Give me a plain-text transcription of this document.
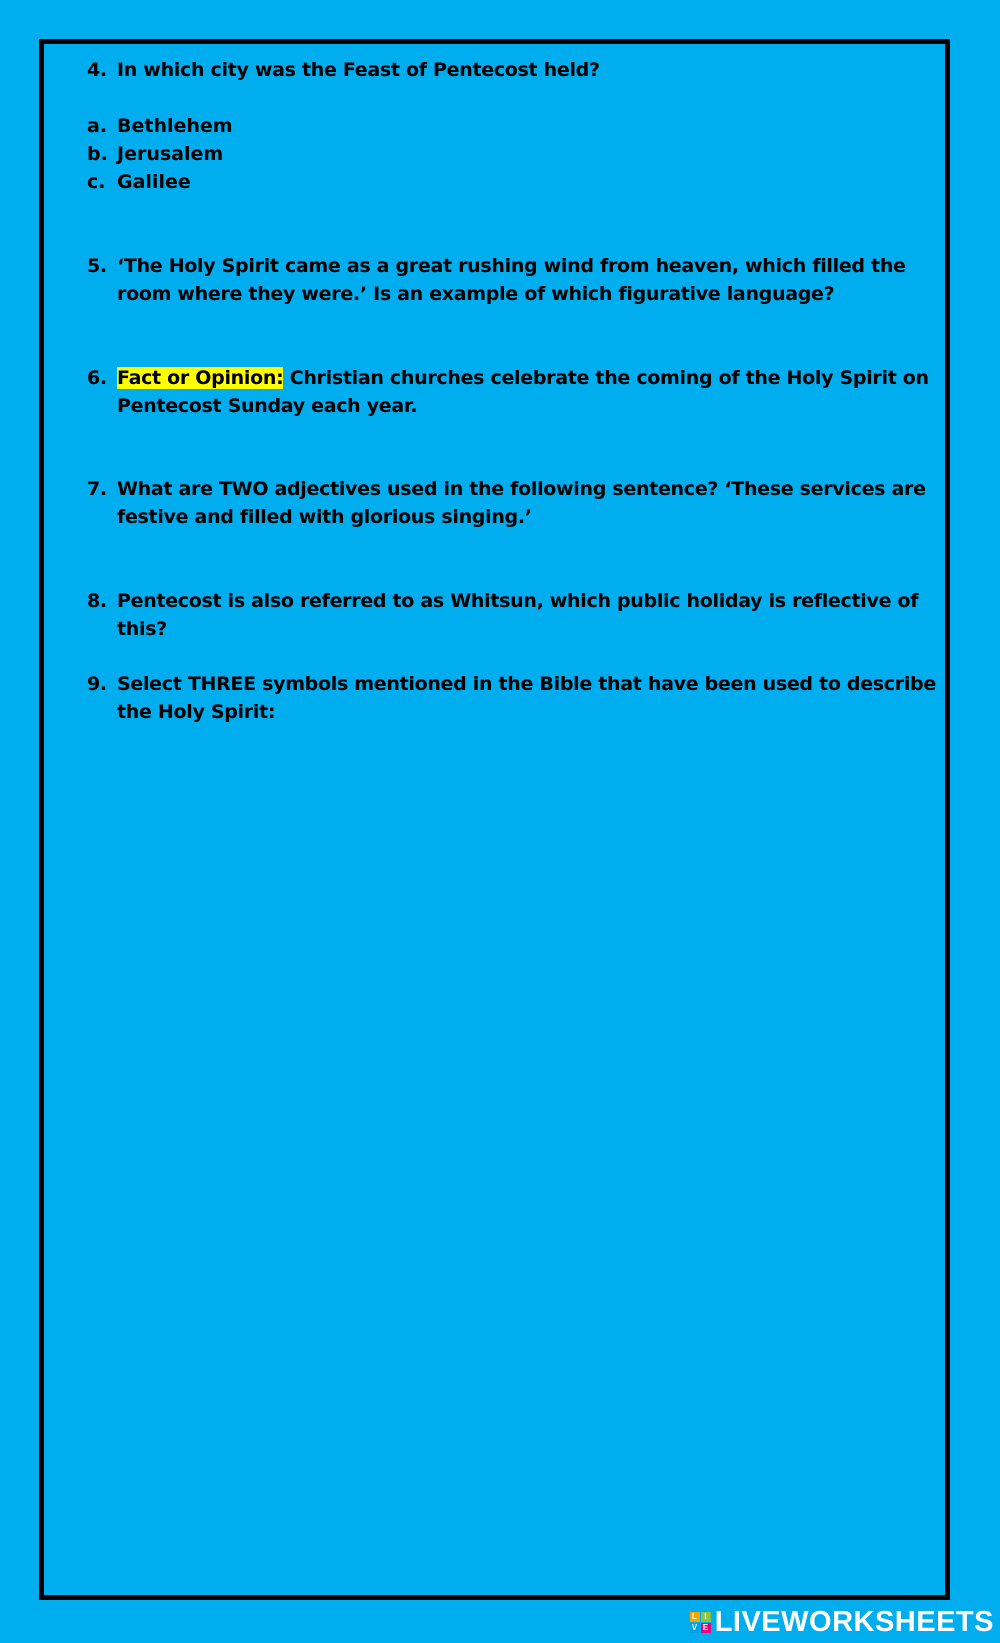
4. In which city was the Feast of Pentecost held?
a. Bethlehem
b. Jerusalem
c. Galilee
5. ‘The Holy Spirit came as a great rushing wind from heaven, which filled the room where they were.’ Is an example of which figurative language?
6. Fact or Opinion: Christian churches celebrate the coming of the Holy Spirit on Pentecost Sunday each year.
7. What are TWO adjectives used in the following sentence? ‘These services are festive and filled with glorious singing.’
8. Pentecost is also referred to as Whitsun, which public holiday is reflective of this?
9. Select THREE symbols mentioned in the Bible that have been used to describe the Holy Spirit:
L I
V E LIVEWORKSHEETS
